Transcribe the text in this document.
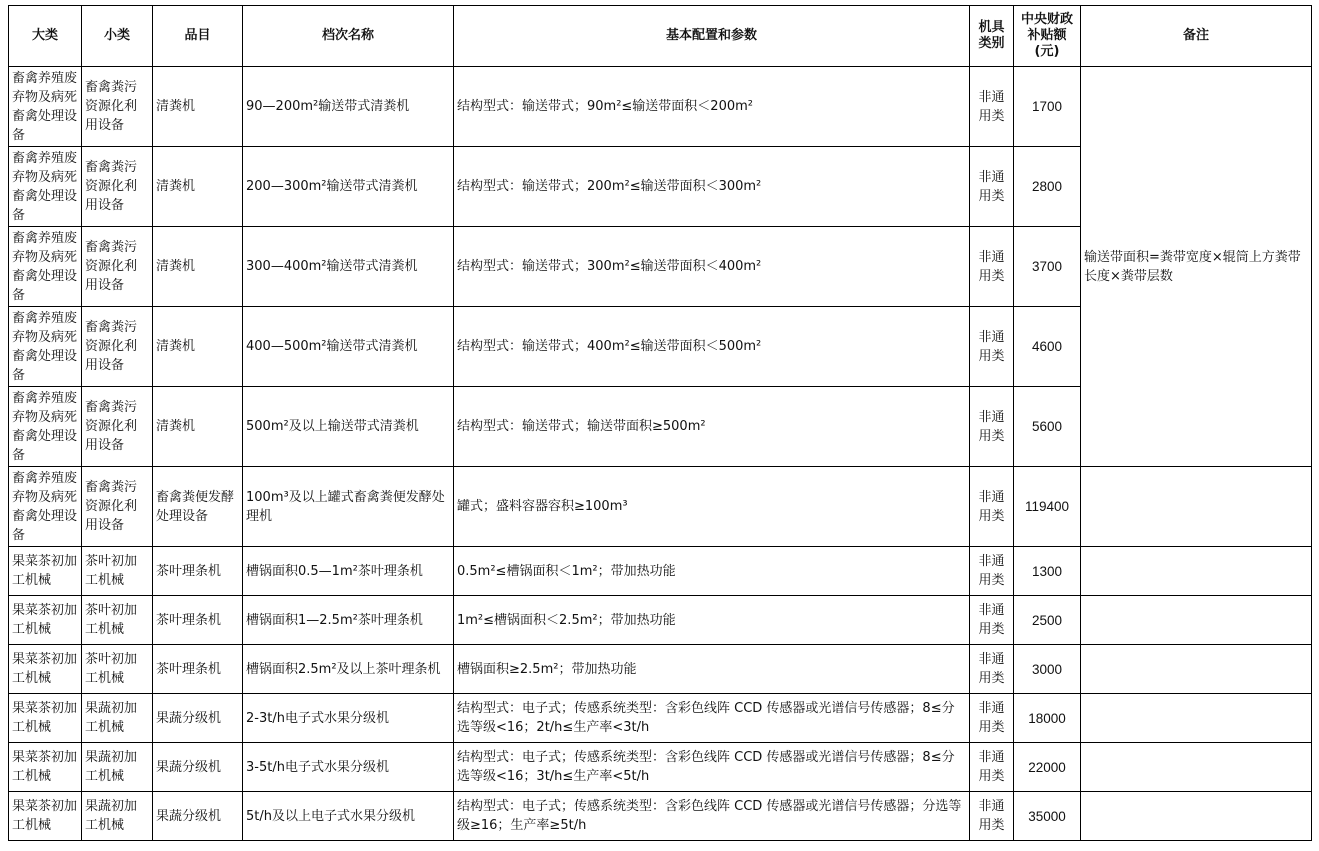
大类	小类	品目	档次名称	基本配置和参数	机具类别	中央财政补贴额(元)	备注
畜禽养殖废弃物及病死畜禽处理设备	畜禽粪污资源化利用设备	清粪机	90—200m²输送带式清粪机	结构型式：输送带式；90m²≤输送带面积＜200m²	非通用类	1700	输送带面积=粪带宽度×辊筒上方粪带长度×粪带层数
畜禽养殖废弃物及病死畜禽处理设备	畜禽粪污资源化利用设备	清粪机	200—300m²输送带式清粪机	结构型式：输送带式；200m²≤输送带面积＜300m²	非通用类	2800	
畜禽养殖废弃物及病死畜禽处理设备	畜禽粪污资源化利用设备	清粪机	300—400m²输送带式清粪机	结构型式：输送带式；300m²≤输送带面积＜400m²	非通用类	3700	
畜禽养殖废弃物及病死畜禽处理设备	畜禽粪污资源化利用设备	清粪机	400—500m²输送带式清粪机	结构型式：输送带式；400m²≤输送带面积＜500m²	非通用类	4600	
畜禽养殖废弃物及病死畜禽处理设备	畜禽粪污资源化利用设备	清粪机	500m²及以上输送带式清粪机	结构型式：输送带式；输送带面积≥500m²	非通用类	5600	
畜禽养殖废弃物及病死畜禽处理设备	畜禽粪污资源化利用设备	畜禽粪便发酵处理设备	100m³及以上罐式畜禽粪便发酵处理机	罐式；盛料容器容积≥100m³	非通用类	119400	
果菜茶初加工机械	茶叶初加工机械	茶叶理条机	槽锅面积0.5—1m²茶叶理条机	0.5m²≤槽锅面积＜1m²；带加热功能	非通用类	1300	
果菜茶初加工机械	茶叶初加工机械	茶叶理条机	槽锅面积1—2.5m²茶叶理条机	1m²≤槽锅面积＜2.5m²；带加热功能	非通用类	2500	
果菜茶初加工机械	茶叶初加工机械	茶叶理条机	槽锅面积2.5m²及以上茶叶理条机	槽锅面积≥2.5m²；带加热功能	非通用类	3000	
果菜茶初加工机械	果蔬初加工机械	果蔬分级机	2-3t/h电子式水果分级机	结构型式：电子式；传感系统类型：含彩色线阵 CCD 传感器或光谱信号传感器；8≤分选等级<16；2t/h≤生产率<3t/h	非通用类	18000	
果菜茶初加工机械	果蔬初加工机械	果蔬分级机	3-5t/h电子式水果分级机	结构型式：电子式；传感系统类型：含彩色线阵 CCD 传感器或光谱信号传感器；8≤分选等级<16；3t/h≤生产率<5t/h	非通用类	22000	
果菜茶初加工机械	果蔬初加工机械	果蔬分级机	5t/h及以上电子式水果分级机	结构型式：电子式；传感系统类型：含彩色线阵 CCD 传感器或光谱信号传感器；分选等级≥16；生产率≥5t/h	非通用类	35000	
